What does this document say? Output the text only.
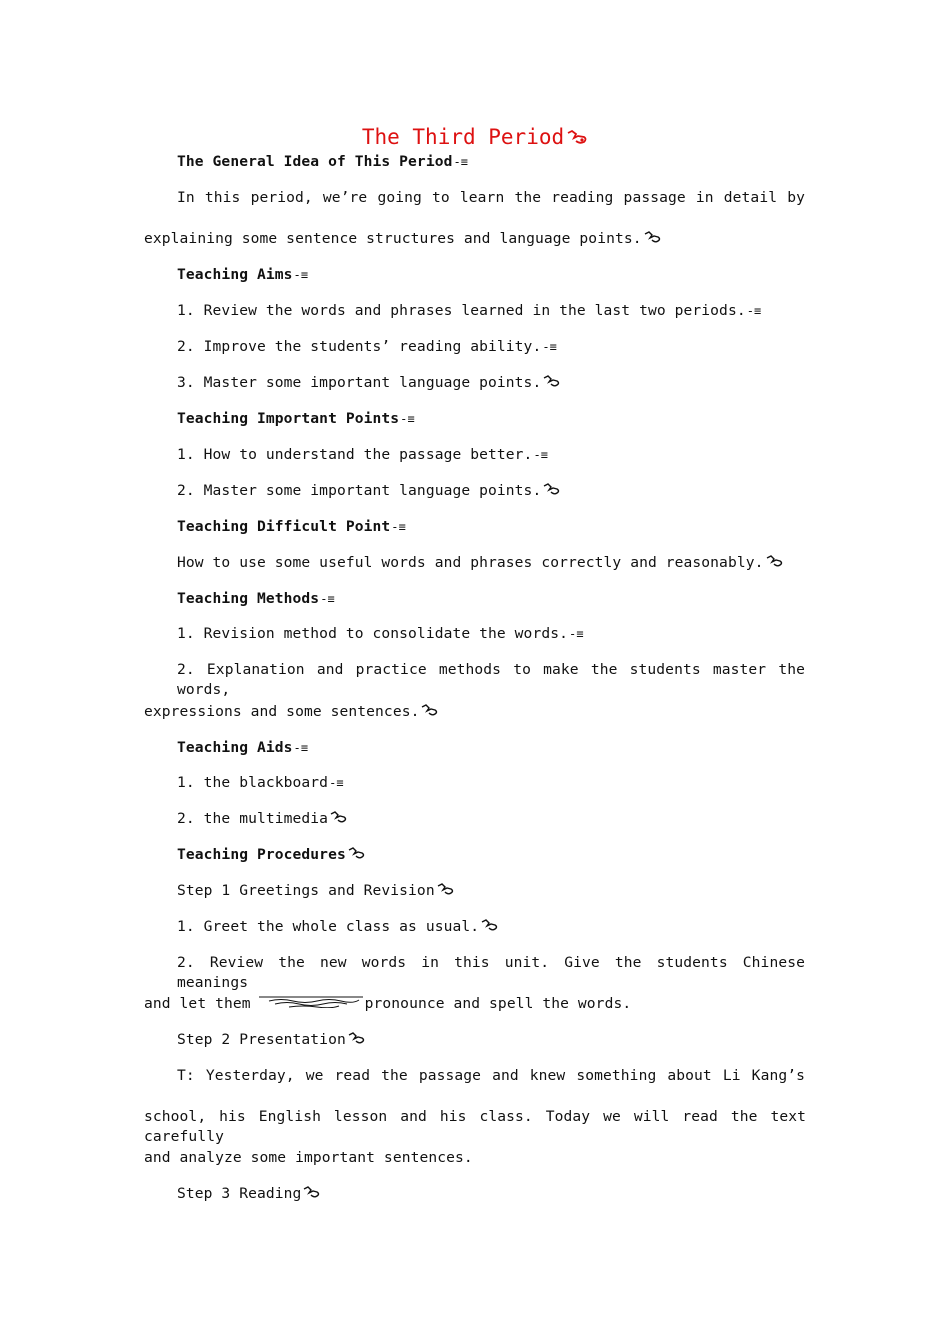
The Third Period
The General Idea of This Period-≡
In this period, we’re going to learn the reading passage in detail by
explaining some sentence structures and language points.
Teaching Aims-≡
1. Review the words and phrases learned in the last two periods.-≡
2. Improve the students’ reading ability.-≡
3. Master some important language points.
Teaching Important Points-≡
1. How to understand the passage better.-≡
2. Master some important language points.
Teaching Difficult Point-≡
How to use some useful words and phrases correctly and reasonably.
Teaching Methods-≡
1. Revision method to consolidate the words.-≡
2. Explanation and practice methods to make the students master the words,
expressions and some sentences.
Teaching Aids-≡
1. the blackboard-≡
2. the multimedia
Teaching Procedures
Step 1 Greetings and Revision
1. Greet the whole class as usual.
2. Review the new words in this unit. Give the students Chinese meanings
and let them	pronounce and spell the words.
Step 2 Presentation
T: Yesterday, we read the passage and knew something about Li Kang’s
school, his English lesson and his class. Today we will read the text carefully
and analyze some important sentences.
Step 3 Reading
